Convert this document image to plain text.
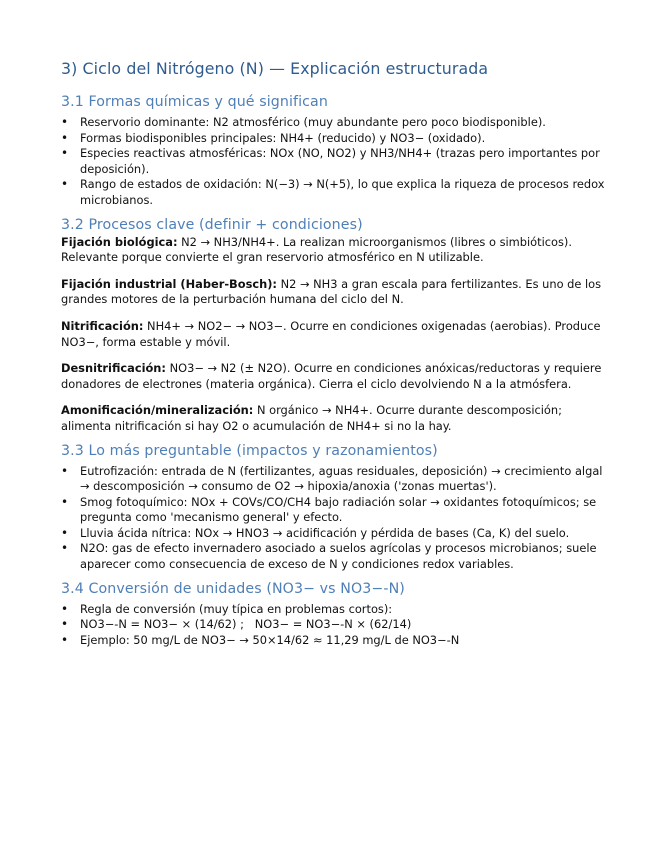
3) Ciclo del Nitrógeno (N) — Explicación estructurada
3.1 Formas químicas y qué significan
• Reservorio dominante: N2 atmosférico (muy abundante pero poco biodisponible).
• Formas biodisponibles principales: NH4+ (reducido) y NO3− (oxidado).
• Especies reactivas atmosféricas: NOx (NO, NO2) y NH3/NH4+ (trazas pero importantes por deposición).
• Rango de estados de oxidación: N(−3) → N(+5), lo que explica la riqueza de procesos redox microbianos.
3.2 Procesos clave (definir + condiciones)

Fijación biológica: N2 → NH3/NH4+. La realizan microorganismos (libres o simbióticos). Relevante porque convierte el gran reservorio atmosférico en N utilizable.

Fijación industrial (Haber-Bosch): N2 → NH3 a gran escala para fertilizantes. Es uno de los grandes motores de la perturbación humana del ciclo del N.

Nitrificación: NH4+ → NO2− → NO3−. Ocurre en condiciones oxigenadas (aerobias). Produce NO3−, forma estable y móvil.

Desnitrificación: NO3− → N2 (± N2O). Ocurre en condiciones anóxicas/reductoras y requiere donadores de electrones (materia orgánica). Cierra el ciclo devolviendo N a la atmósfera.

Amonificación/mineralización: N orgánico → NH4+. Ocurre durante descomposición; alimenta nitrificación si hay O2 o acumulación de NH4+ si no la hay.

3.3 Lo más preguntable (impactos y razonamientos)
• Eutrofización: entrada de N (fertilizantes, aguas residuales, deposición) → crecimiento algal → descomposición → consumo de O2 → hipoxia/anoxia ('zonas muertas').
• Smog fotoquímico: NOx + COVs/CO/CH4 bajo radiación solar → oxidantes fotoquímicos; se pregunta como 'mecanismo general' y efecto.
• Lluvia ácida nítrica: NOx → HNO3 → acidificación y pérdida de bases (Ca, K) del suelo.
• N2O: gas de efecto invernadero asociado a suelos agrícolas y procesos microbianos; suele aparecer como consecuencia de exceso de N y condiciones redox variables.
3.4 Conversión de unidades (NO3− vs NO3−-N)
• Regla de conversión (muy típica en problemas cortos):
• NO3−-N = NO3− × (14/62) ;   NO3− = NO3−-N × (62/14)
• Ejemplo: 50 mg/L de NO3− → 50×14/62 ≈ 11,29 mg/L de NO3−-N
